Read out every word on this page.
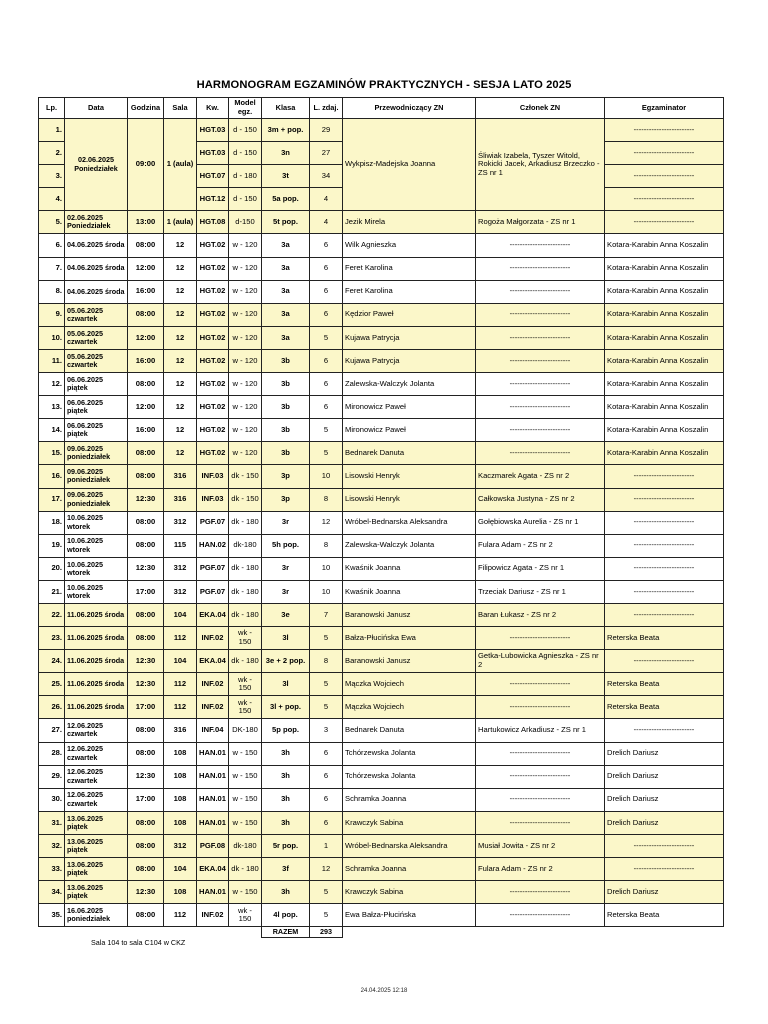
HARMONOGRAM EGZAMINÓW PRAKTYCZNYCH - SESJA LATO 2025
Lp.	Data	Godzina	Sala	Kw.	Model egz.	Klasa	L. zdaj.	Przewodniczący ZN	Członek ZN	Egzaminator
1.	02.06.2025 Poniedziałek	09:00	1 (aula)	HGT.03	d - 150	3m + pop.	29	Wykpisz-Madejska Joanna	Śliwiak Izabela, Tyszer Witold, Rokicki Jacek, Arkadiusz Brzeczko - ZS nr 1	------------------------
2.				HGT.03	d - 150	3n	27			------------------------
3.				HGT.07	d - 180	3t	34			------------------------
4.				HGT.12	d - 150	5a pop.	4			------------------------
5.	02.06.2025 Poniedziałek	13:00	1 (aula)	HGT.08	d-150	5t pop.	4	Jezik Mirela	Rogoża Małgorzata - ZS nr 1	------------------------
6.	04.06.2025 środa	08:00	12	HGT.02	w - 120	3a	6	Wilk Agnieszka	------------------------	Kotara-Karabin Anna Koszalin
7.	04.06.2025 środa	12:00	12	HGT.02	w - 120	3a	6	Feret Karolina	------------------------	Kotara-Karabin Anna Koszalin
8.	04.06.2025 środa	16:00	12	HGT.02	w - 120	3a	6	Feret Karolina	------------------------	Kotara-Karabin Anna Koszalin
9.	05.06.2025 czwartek	08:00	12	HGT.02	w - 120	3a	6	Kędzior Paweł	------------------------	Kotara-Karabin Anna Koszalin
10.	05.06.2025 czwartek	12:00	12	HGT.02	w - 120	3a	5	Kujawa Patrycja	------------------------	Kotara-Karabin Anna Koszalin
11.	05.06.2025 czwartek	16:00	12	HGT.02	w - 120	3b	6	Kujawa Patrycja	------------------------	Kotara-Karabin Anna Koszalin
12.	06.06.2025 piątek	08:00	12	HGT.02	w - 120	3b	6	Zalewska-Walczyk Jolanta	------------------------	Kotara-Karabin Anna Koszalin
13.	06.06.2025 piątek	12:00	12	HGT.02	w - 120	3b	6	Mironowicz Paweł	------------------------	Kotara-Karabin Anna Koszalin
14.	06.06.2025 piątek	16:00	12	HGT.02	w - 120	3b	5	Mironowicz Paweł	------------------------	Kotara-Karabin Anna Koszalin
15.	09.06.2025 poniedziałek	08:00	12	HGT.02	w - 120	3b	5	Bednarek Danuta	------------------------	Kotara-Karabin Anna Koszalin
16.	09.06.2025 poniedziałek	08:00	316	INF.03	dk - 150	3p	10	Lisowski Henryk	Kaczmarek Agata - ZS nr 2	------------------------
17.	09.06.2025 poniedziałek	12:30	316	INF.03	dk - 150	3p	8	Lisowski Henryk	Całkowska Justyna - ZS nr 2	------------------------
18.	10.06.2025 wtorek	08:00	312	PGF.07	dk - 180	3r	12	Wróbel-Bednarska Aleksandra	Gołębiowska Aurelia - ZS nr 1	------------------------
19.	10.06.2025 wtorek	08:00	115	HAN.02	dk-180	5h pop.	8	Zalewska-Walczyk Jolanta	Fulara Adam - ZS nr 2	------------------------
20.	10.06.2025 wtorek	12:30	312	PGF.07	dk - 180	3r	10	Kwaśnik Joanna	Filipowicz Agata - ZS nr 1	------------------------
21.	10.06.2025 wtorek	17:00	312	PGF.07	dk - 180	3r	10	Kwaśnik Joanna	Trzeciak Dariusz - ZS nr 1	------------------------
22.	11.06.2025 środa	08:00	104	EKA.04	dk - 180	3e	7	Baranowski Janusz	Baran Łukasz - ZS nr 2	------------------------
23.	11.06.2025 środa	08:00	112	INF.02	wk - 150	3l	5	Bałza-Płucińska Ewa	------------------------	Reterska Beata
24.	11.06.2025 środa	12:30	104	EKA.04	dk - 180	3e + 2 pop.	8	Baranowski Janusz	Getka-Lubowicka Agnieszka - ZS nr 2	------------------------
25.	11.06.2025 środa	12:30	112	INF.02	wk - 150	3l	5	Mączka Wojciech	------------------------	Reterska Beata
26.	11.06.2025 środa	17:00	112	INF.02	wk - 150	3l + pop.	5	Mączka Wojciech	------------------------	Reterska Beata
27.	12.06.2025 czwartek	08:00	316	INF.04	DK-180	5p pop.	3	Bednarek Danuta	Hartukowicz Arkadiusz - ZS nr 1	------------------------
28.	12.06.2025 czwartek	08:00	108	HAN.01	w - 150	3h	6	Tchórzewska Jolanta	------------------------	Drelich Dariusz
29.	12.06.2025 czwartek	12:30	108	HAN.01	w - 150	3h	6	Tchórzewska Jolanta	------------------------	Drelich Dariusz
30.	12.06.2025 czwartek	17:00	108	HAN.01	w - 150	3h	6	Schramka Joanna	------------------------	Drelich Dariusz
31.	13.06.2025 piątek	08:00	108	HAN.01	w - 150	3h	6	Krawczyk Sabina	------------------------	Drelich Dariusz
32.	13.06.2025 piątek	08:00	312	PGF.08	dk-180	5r pop.	1	Wróbel-Bednarska Aleksandra	Musiał Jowita - ZS nr 2	------------------------
33.	13.06.2025 piątek	08:00	104	EKA.04	dk - 180	3f	12	Schramka Joanna	Fulara Adam - ZS nr 2	------------------------
34.	13.06.2025 piątek	12:30	108	HAN.01	w - 150	3h	5	Krawczyk Sabina	------------------------	Drelich Dariusz
35.	16.06.2025 poniedziałek	08:00	112	INF.02	wk - 150	4l pop.	5	Ewa Bałza-Płucińska	------------------------	Reterska Beata
						RAZEM	293			
Sala 104 to sala C104 w CKZ
24.04.2025 12:18
